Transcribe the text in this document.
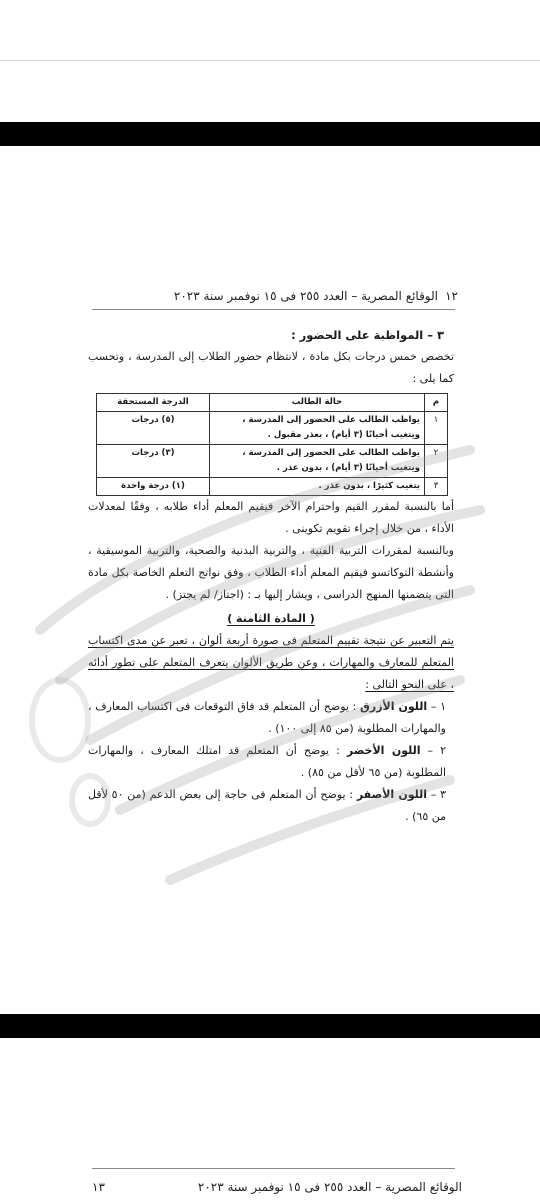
١٢
الوقائع المصرية – العدد ٢٥٥ فى ١٥ نوفمبر سنة ٢٠٢٣
٣ – المواظبة على الحضور :
تخصص خمس درجات بكل مادة ، لانتظام حضور الطلاب إلى المدرسة ، وتحسب كما يلى :
م	حالة الطالب	الدرجة المستحقة
١	يواظب الطالب على الحضور إلى المدرسة ، ويتغيب أحيانًا (٣ أيام) ، بعذر مقبول .	(٥) درجات
٢	يواظب الطالب على الحضور إلى المدرسة ، ويتغيب أحيانًا (٣ أيام) ، بدون عذر .	(٣) درجات
٣	يتغيب كثيرًا ، بدون عذر .	(١) درجة واحدة
أما بالنسبة لمقرر القيم واحترام الآخر فيقيم المعلم أداء طلابه ، وفقًا لمعدلات الأداء ، من خلال إجراء تقويم تكوينى .
وبالنسبة لمقررات التربية الفنية ، والتربية البدنية والصحية، والتربية الموسيقية ، وأنشطة التوكاتسو فيقيم المعلم أداء الطلاب ، وفق نواتج التعلم الخاصة بكل مادة التى يتضمنها المنهج الدراسى ، ويشار إليها بـ : (اجتاز/ لم يجتز) .
( المادة الثامنة )
يتم التعبير عن نتيجة تقييم المتعلم فى صورة أربعة ألوان ، تعبر عن مدى اكتساب المتعلم للمعارف والمهارات ، وعن طريق الألوان يتعرف المتعلم على تطور أدائه ، على النحو التالى :
١ – اللون الأزرق : يوضح أن المتعلم قد فاق التوقعات فى اكتساب المعارف ، والمهارات المطلوبة (من ٨٥ إلى ١٠٠) .
٢ – اللون الأخضر : يوضح أن المتعلم قد امتلك المعارف ، والمهارات المطلوبة (من ٦٥ لأقل من ٨٥) .
٣ – اللون الأصفر : يوضح أن المتعلم فى حاجة إلى بعض الدعم (من ٥٠ لأقل من ٦٥) .
الوقائع المصرية – العدد ٢٥٥ فى ١٥ نوفمبر سنة ٢٠٢٣
١٣
